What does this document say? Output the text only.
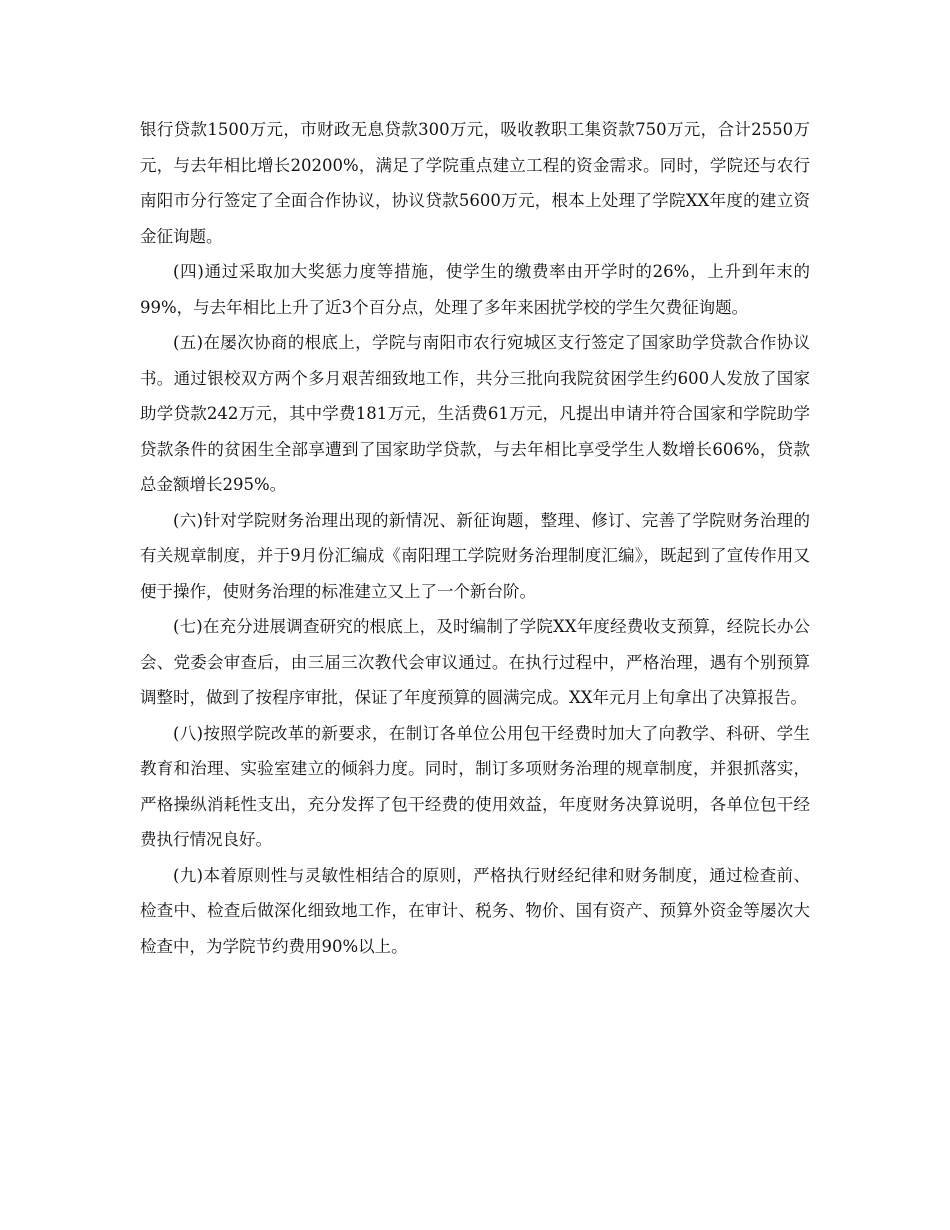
银行贷款1500万元，市财政无息贷款300万元，吸收教职工集资款750万元，合计2550万元，与去年相比增长20200%，满足了学院重点建立工程的资金需求。同时，学院还与农行南阳市分行签定了全面合作协议，协议贷款5600万元，根本上处理了学院XX年度的建立资金征询题。

(四)通过采取加大奖惩力度等措施，使学生的缴费率由开学时的26%，上升到年末的99%，与去年相比上升了近3个百分点，处理了多年来困扰学校的学生欠费征询题。

(五)在屡次协商的根底上，学院与南阳市农行宛城区支行签定了国家助学贷款合作协议书。通过银校双方两个多月艰苦细致地工作，共分三批向我院贫困学生约600人发放了国家助学贷款242万元，其中学费181万元，生活费61万元，凡提出申请并符合国家和学院助学贷款条件的贫困生全部享遭到了国家助学贷款，与去年相比享受学生人数增长606%，贷款总金额增长295%。

(六)针对学院财务治理出现的新情况、新征询题，整理、修订、完善了学院财务治理的有关规章制度，并于9月份汇编成《南阳理工学院财务治理制度汇编》，既起到了宣传作用又便于操作，使财务治理的标准建立又上了一个新台阶。

(七)在充分进展调查研究的根底上，及时编制了学院XX年度经费收支预算，经院长办公会、党委会审查后，由三届三次教代会审议通过。在执行过程中，严格治理，遇有个别预算调整时，做到了按程序审批，保证了年度预算的圆满完成。XX年元月上旬拿出了决算报告。

(八)按照学院改革的新要求，在制订各单位公用包干经费时加大了向教学、科研、学生教育和治理、实验室建立的倾斜力度。同时，制订多项财务治理的规章制度，并狠抓落实，严格操纵消耗性支出，充分发挥了包干经费的使用效益，年度财务决算说明，各单位包干经费执行情况良好。

(九)本着原则性与灵敏性相结合的原则，严格执行财经纪律和财务制度，通过检查前、检查中、检查后做深化细致地工作，在审计、税务、物价、国有资产、预算外资金等屡次大检查中，为学院节约费用90%以上。
